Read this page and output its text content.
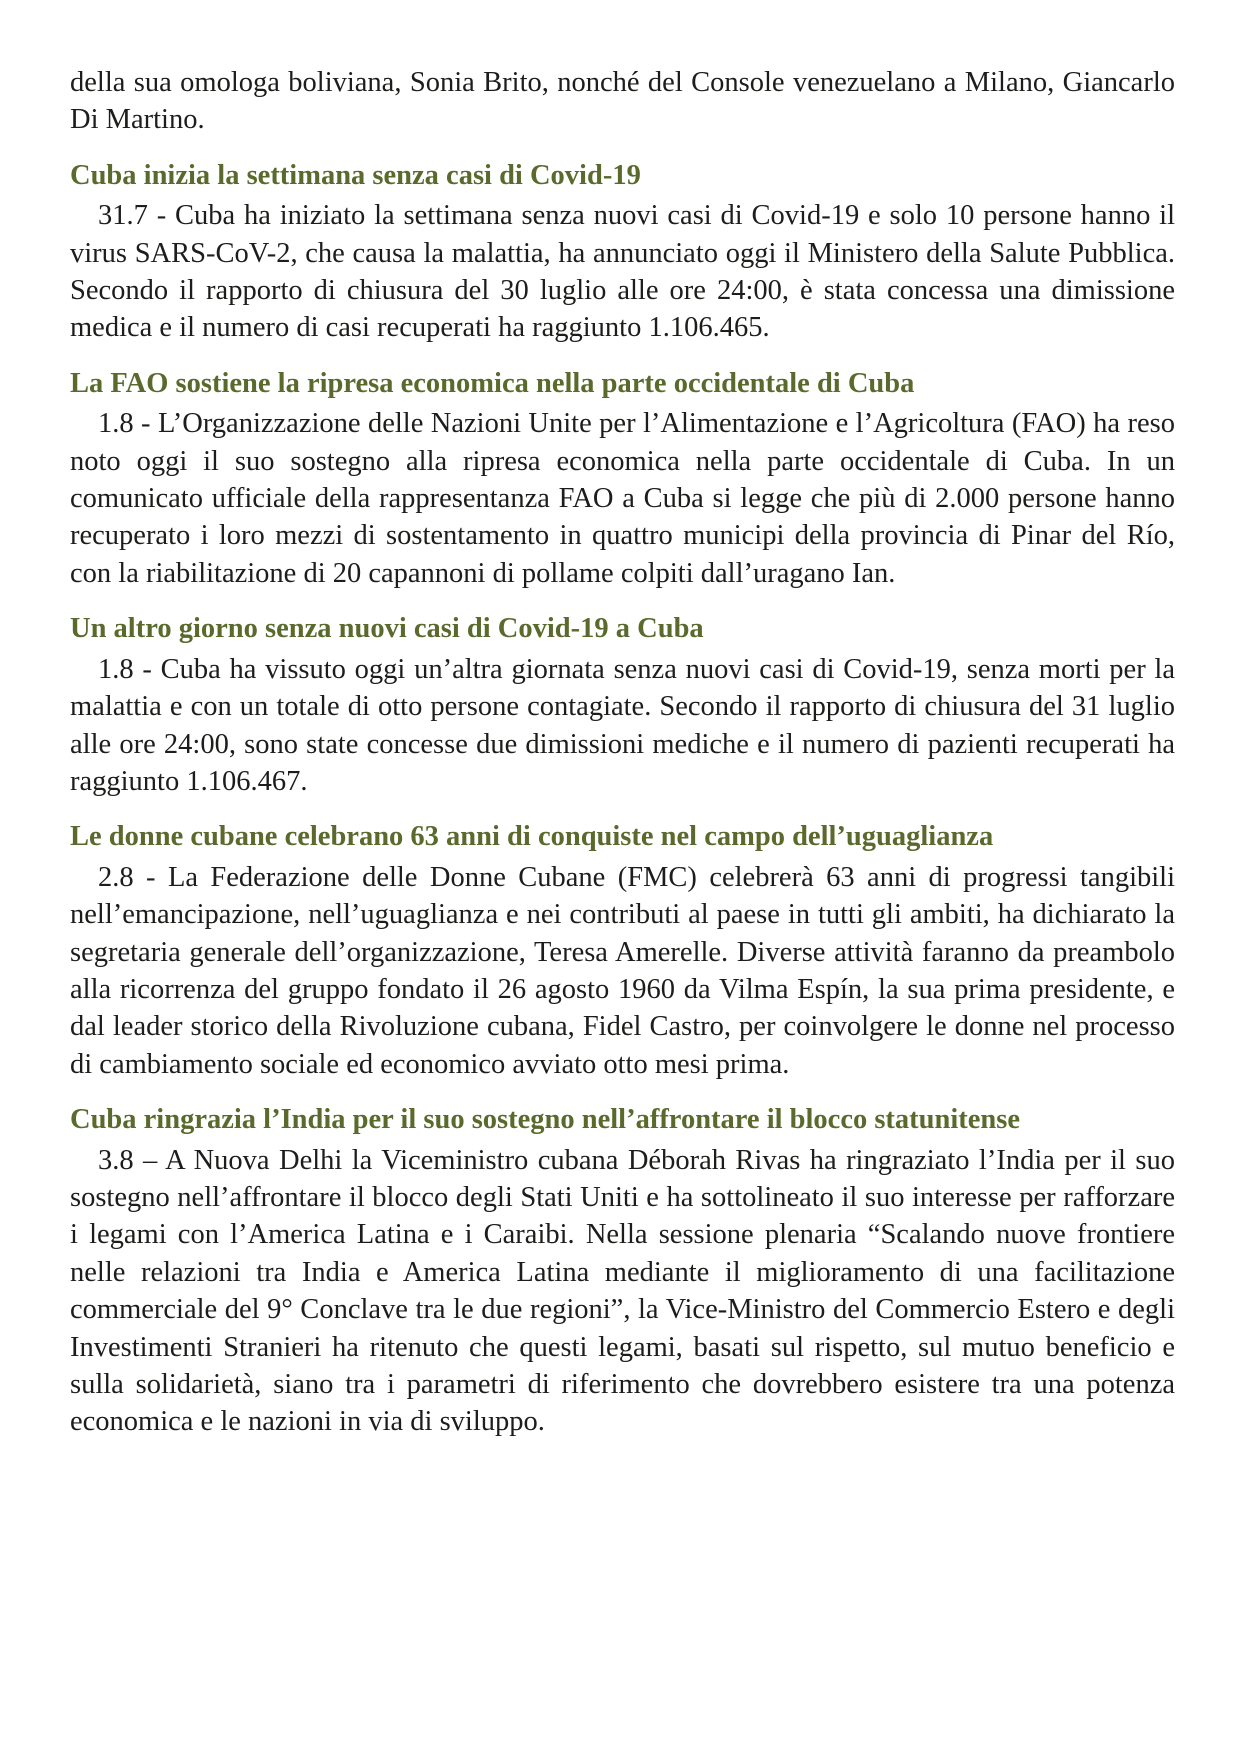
della sua omologa boliviana, Sonia Brito, nonché del Console venezuelano a Milano, Giancarlo Di Martino.

Cuba inizia la settimana senza casi di Covid-19

31.7 - Cuba ha iniziato la settimana senza nuovi casi di Covid-19 e solo 10 persone hanno il virus SARS-CoV-2, che causa la malattia, ha annunciato oggi il Ministero della Salute Pubblica. Secondo il rapporto di chiusura del 30 luglio alle ore 24:00, è stata concessa una dimissione medica e il numero di casi recuperati ha raggiunto 1.106.465.

La FAO sostiene la ripresa economica nella parte occidentale di Cuba

1.8 - L’Organizzazione delle Nazioni Unite per l’Alimentazione e l’Agricoltura (FAO) ha reso noto oggi il suo sostegno alla ripresa economica nella parte occidentale di Cuba. In un comunicato ufficiale della rappresentanza FAO a Cuba si legge che più di 2.000 persone hanno recuperato i loro mezzi di sostentamento in quattro municipi della provincia di Pinar del Río, con la riabilitazione di 20 capannoni di pollame colpiti dall’uragano Ian.

Un altro giorno senza nuovi casi di Covid-19 a Cuba

1.8 - Cuba ha vissuto oggi un’altra giornata senza nuovi casi di Covid-19, senza morti per la malattia e con un totale di otto persone contagiate. Secondo il rapporto di chiusura del 31 luglio alle ore 24:00, sono state concesse due dimissioni mediche e il numero di pazienti recuperati ha raggiunto 1.106.467.

Le donne cubane celebrano 63 anni di conquiste nel campo dell’uguaglianza

2.8 - La Federazione delle Donne Cubane (FMC) celebrerà 63 anni di progressi tangibili nell’emancipazione, nell’uguaglianza e nei contributi al paese in tutti gli ambiti, ha dichiarato la segretaria generale dell’organizzazione, Teresa Amerelle. Diverse attività faranno da preambolo alla ricorrenza del gruppo fondato il 26 agosto 1960 da Vilma Espín, la sua prima presidente, e dal leader storico della Rivoluzione cubana, Fidel Castro, per coinvolgere le donne nel processo di cambiamento sociale ed economico avviato otto mesi prima.

Cuba ringrazia l’India per il suo sostegno nell’affrontare il blocco statunitense

3.8 – A Nuova Delhi la Viceministro cubana Déborah Rivas ha ringraziato l’India per il suo sostegno nell’affrontare il blocco degli Stati Uniti e ha sottolineato il suo interesse per rafforzare i legami con l’America Latina e i Caraibi. Nella sessione plenaria “Scalando nuove frontiere nelle relazioni tra India e America Latina mediante il miglioramento di una facilitazione commerciale del 9° Conclave tra le due regioni”, la Vice-Ministro del Commercio Estero e degli Investimenti Stranieri ha ritenuto che questi legami, basati sul rispetto, sul mutuo beneficio e sulla solidarietà, siano tra i parametri di riferimento che dovrebbero esistere tra una potenza economica e le nazioni in via di sviluppo.
